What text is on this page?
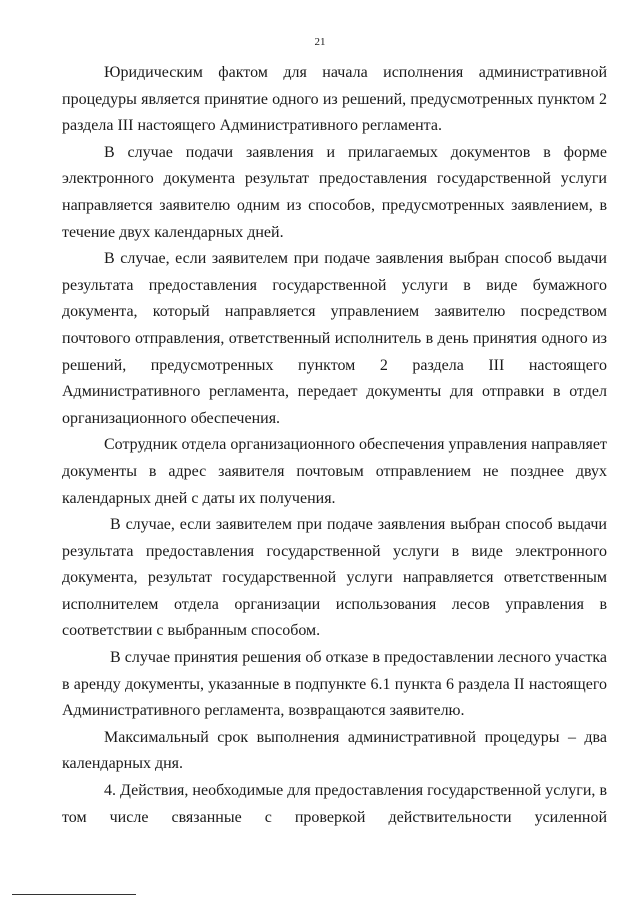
21

Юридическим фактом для начала исполнения административной процедуры является принятие одного из решений, предусмотренных пунктом 2 раздела III настоящего Административного регламента.

В случае подачи заявления и прилагаемых документов в форме электронного документа результат предоставления государственной услуги направляется заявителю одним из способов, предусмотренных заявлением, в течение двух календарных дней.

В случае, если заявителем при подаче заявления выбран способ выдачи результата предоставления государственной услуги в виде бумажного документа, который направляется управлением заявителю посредством почтового отправления, ответственный исполнитель в день принятия одного из решений, предусмотренных пунктом 2 раздела III настоящего Административного регламента, передает документы для отправки в отдел организационного обеспечения.

Сотрудник отдела организационного обеспечения управления направляет документы в адрес заявителя почтовым отправлением не позднее двух календарных дней с даты их получения.

В случае, если заявителем при подаче заявления выбран способ выдачи результата предоставления государственной услуги в виде электронного документа, результат государственной услуги направляется ответственным исполнителем отдела организации использования лесов управления в соответствии с выбранным способом.

В случае принятия решения об отказе в предоставлении лесного участка в аренду документы, указанные в подпункте 6.1 пункта 6 раздела II настоящего Административного регламента, возвращаются заявителю.

Максимальный срок выполнения административной процедуры – два календарных дня.

4. Действия, необходимые для предоставления государственной услуги, в том числе связанные с проверкой действительности усиленной
